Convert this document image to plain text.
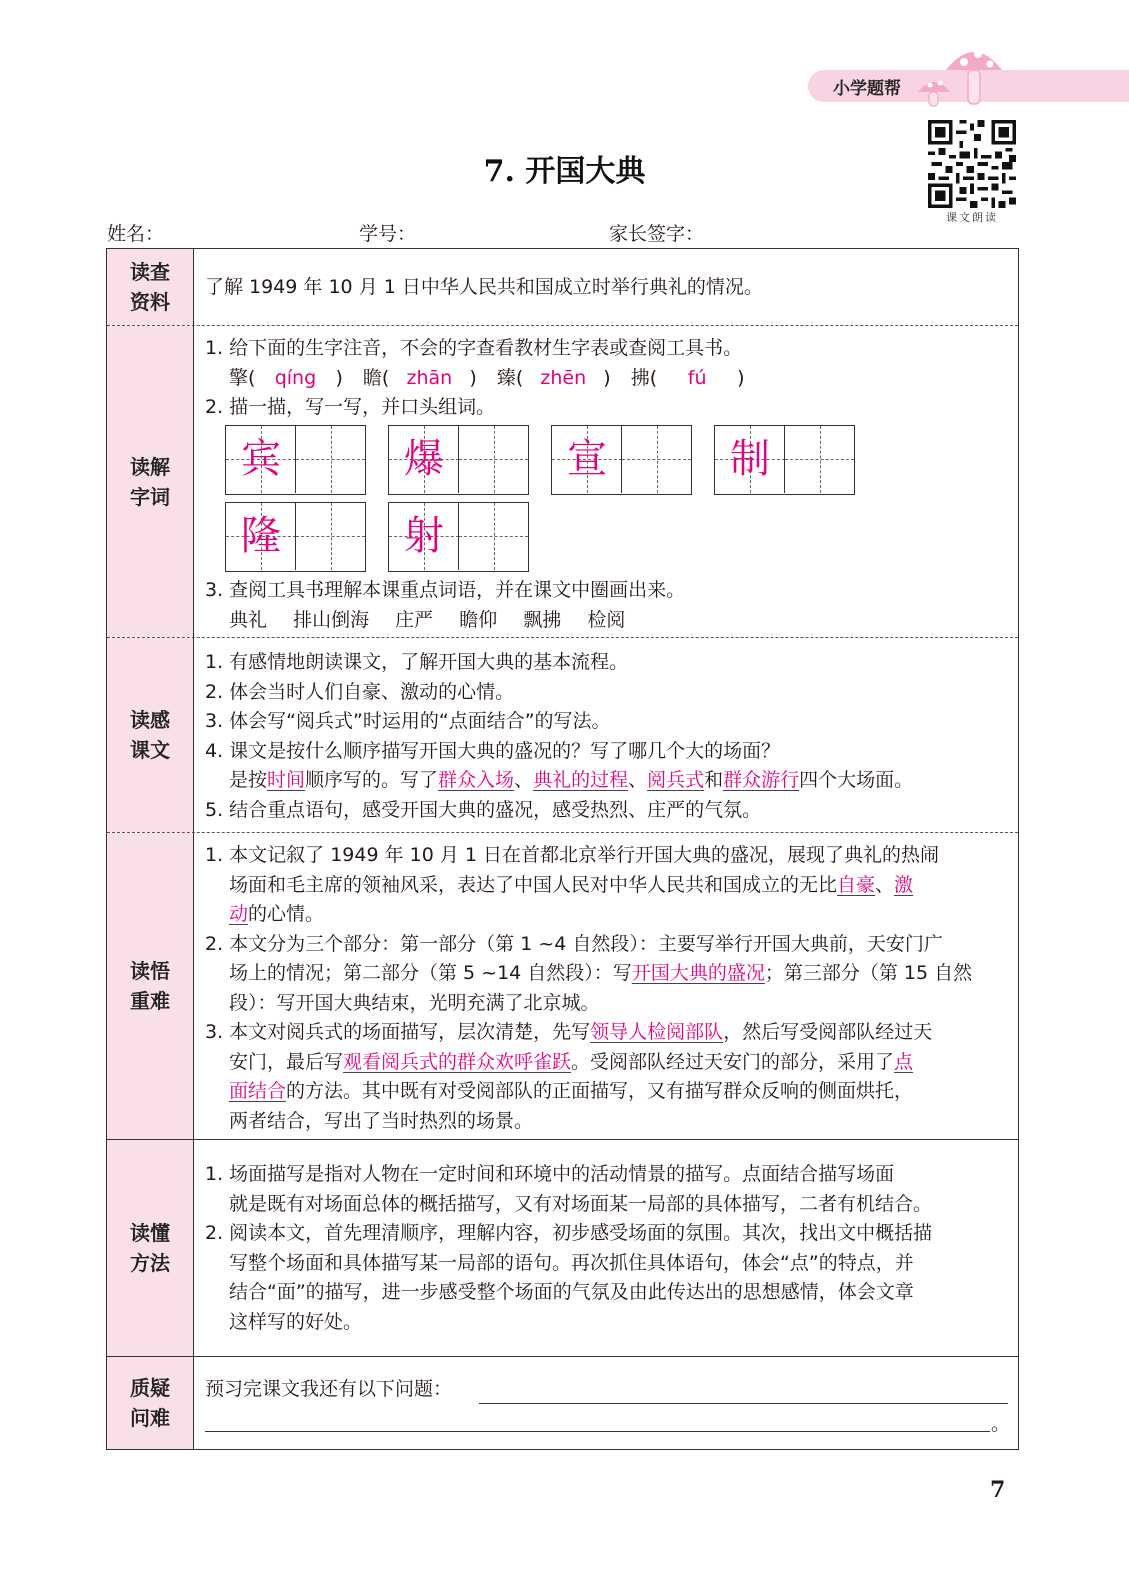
小学题帮
课文朗读
7. 开国大典
姓名：	学号：	家长签字：
读查资料
了解 1949 年 10 月 1 日中华人民共和国成立时举行典礼的情况。
读解字词
1. 给下面的生字注音，不会的字查看教材生字表或查阅工具书。
擎( qíng ) 瞻( zhān ) 臻( zhēn ) 拂( fú )
2. 描一描，写一写，并口头组词。
宾	爆	宣	制
隆	射
3. 查阅工具书理解本课重点词语，并在课文中圈画出来。
典礼 排山倒海 庄严 瞻仰 飘拂 检阅
读感课文
1. 有感情地朗读课文，了解开国大典的基本流程。
2. 体会当时人们自豪、激动的心情。
3. 体会写“阅兵式”时运用的“点面结合”的写法。
4. 课文是按什么顺序描写开国大典的盛况的？写了哪几个大的场面？
是按时间顺序写的。写了群众入场、典礼的过程、阅兵式和群众游行四个大场面。
5. 结合重点语句，感受开国大典的盛况，感受热烈、庄严的气氛。
读悟重难
1. 本文记叙了 1949 年 10 月 1 日在首都北京举行开国大典的盛况，展现了典礼的热闹
场面和毛主席的领袖风采，表达了中国人民对中华人民共和国成立的无比自豪、激
动的心情。
2. 本文分为三个部分：第一部分（第 1 ~4 自然段）：主要写举行开国大典前，天安门广
场上的情况；第二部分（第 5 ~14 自然段）：写开国大典的盛况；第三部分（第 15 自然
段）：写开国大典结束，光明充满了北京城。
3. 本文对阅兵式的场面描写，层次清楚，先写领导人检阅部队，然后写受阅部队经过天
安门，最后写观看阅兵式的群众欢呼雀跃。受阅部队经过天安门的部分，采用了点
面结合的方法。其中既有对受阅部队的正面描写，又有描写群众反响的侧面烘托，
两者结合，写出了当时热烈的场景。
读懂方法
1. 场面描写是指对人物在一定时间和环境中的活动情景的描写。点面结合描写场面
就是既有对场面总体的概括描写，又有对场面某一局部的具体描写，二者有机结合。
2. 阅读本文，首先理清顺序，理解内容，初步感受场面的氛围。其次，找出文中概括描
写整个场面和具体描写某一局部的语句。再次抓住具体语句，体会“点”的特点，并
结合“面”的描写，进一步感受整个场面的气氛及由此传达出的思想感情，体会文章
这样写的好处。
质疑问难
预习完课文我还有以下问题：
。
7
